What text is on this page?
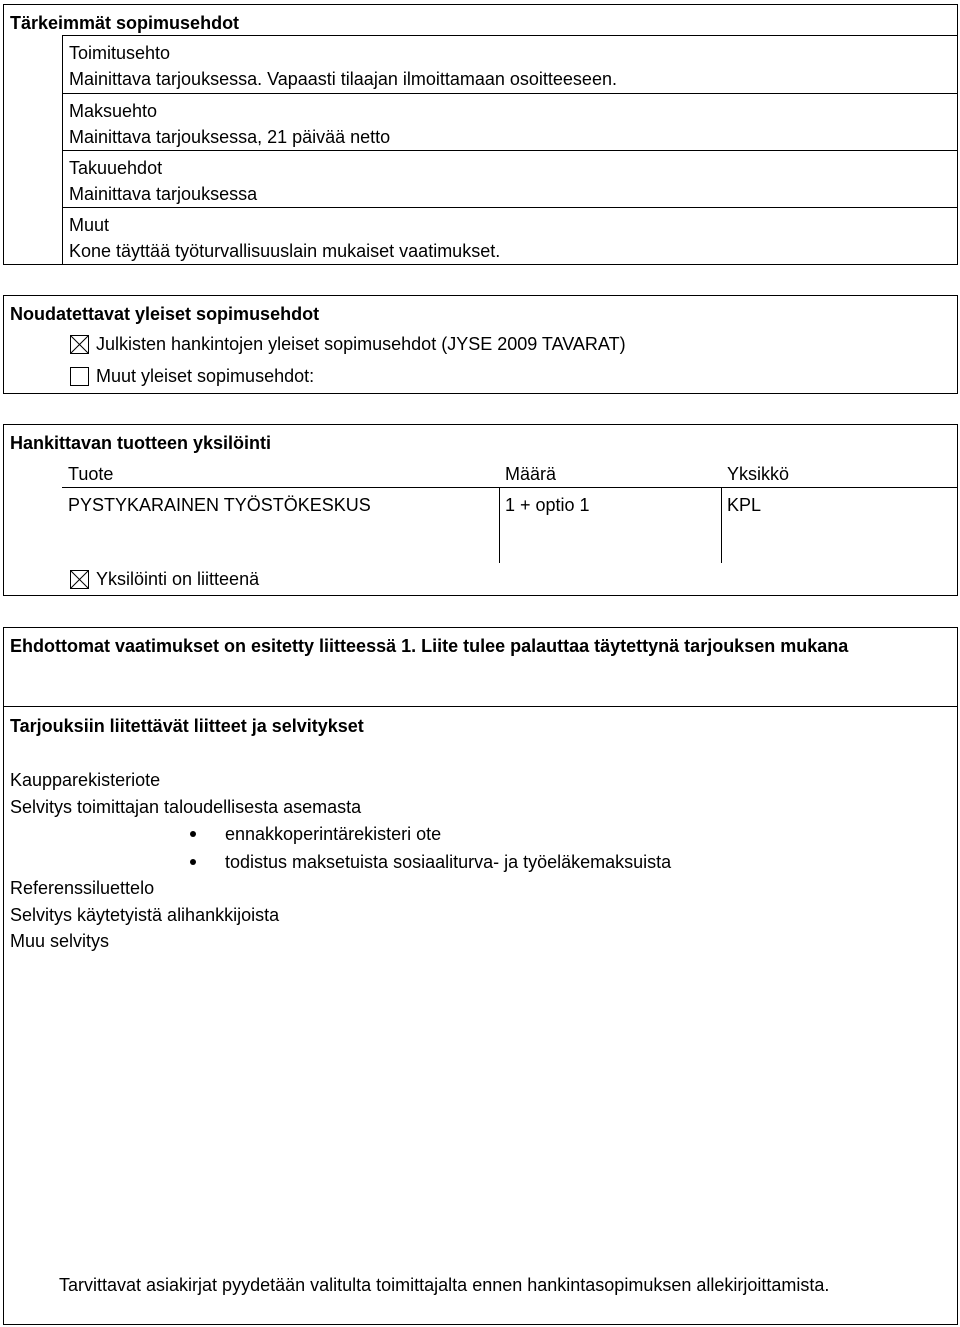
Tärkeimmät sopimusehdot
Toimitusehto
Mainittava tarjouksessa. Vapaasti tilaajan ilmoittamaan osoitteeseen.
Maksuehto
Mainittava tarjouksessa, 21 päivää netto
Takuuehdot
Mainittava tarjouksessa
Muut
Kone täyttää työturvallisuuslain mukaiset vaatimukset.
Noudatettavat yleiset sopimusehdot
Julkisten hankintojen yleiset sopimusehdot (JYSE 2009 TAVARAT)
Muut yleiset sopimusehdot:
Hankittavan tuotteen yksilöinti
Tuote	Määrä	Yksikkö
PYSTYKARAINEN TYÖSTÖKESKUS	1 + optio 1	KPL
Yksilöinti on liitteenä
Ehdottomat vaatimukset on esitetty liitteessä 1. Liite tulee palauttaa täytettynä tarjouksen mukana
Tarjouksiin liitettävät liitteet ja selvitykset
Kaupparekisteriote
Selvitys toimittajan taloudellisesta asemasta
ennakkoperintärekisteri ote
todistus maksetuista sosiaaliturva- ja työeläkemaksuista
Referenssiluettelo
Selvitys käytetyistä alihankkijoista
Muu selvitys
Tarvittavat asiakirjat pyydetään valitulta toimittajalta ennen hankintasopimuksen allekirjoittamista.
